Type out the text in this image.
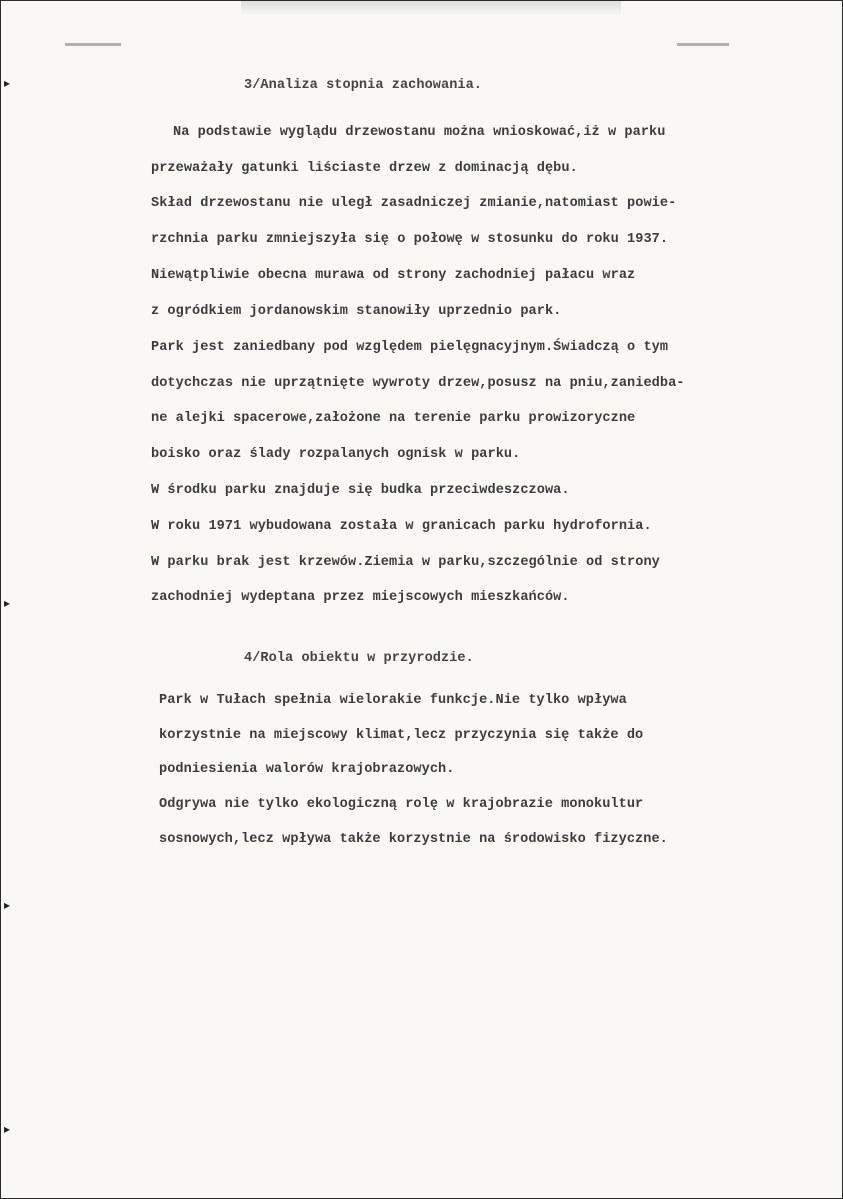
▸
▸
▸
▸
3/Analiza stopnia zachowania.
Na podstawie wyglądu drzewostanu można wnioskować,iż w parku
przeważały gatunki liściaste drzew z dominacją dębu.
Skład drzewostanu nie uległ zasadniczej zmianie,natomiast powie-
rzchnia parku zmniejszyła się o połowę w stosunku do roku 1937.
Niewątpliwie obecna murawa od strony zachodniej pałacu wraz
z ogródkiem jordanowskim stanowiły uprzednio park.
Park jest zaniedbany pod względem pielęgnacyjnym.Świadczą o tym
dotychczas nie uprzątnięte wywroty drzew,posusz na pniu,zaniedba-
ne alejki spacerowe,założone na terenie parku prowizoryczne
boisko oraz ślady rozpalanych ognisk w parku.
W środku parku znajduje się budka przeciwdeszczowa.
W roku 1971 wybudowana została w granicach parku hydrofornia.
W parku brak jest krzewów.Ziemia w parku,szczególnie od strony
zachodniej wydeptana przez miejscowych mieszkańców.
4/Rola obiektu w przyrodzie.
Park w Tułach spełnia wielorakie funkcje.Nie tylko wpływa
korzystnie na miejscowy klimat,lecz przyczynia się także do
podniesienia walorów krajobrazowych.
Odgrywa nie tylko ekologiczną rolę w krajobrazie monokultur
sosnowych,lecz wpływa także korzystnie na środowisko fizyczne.
